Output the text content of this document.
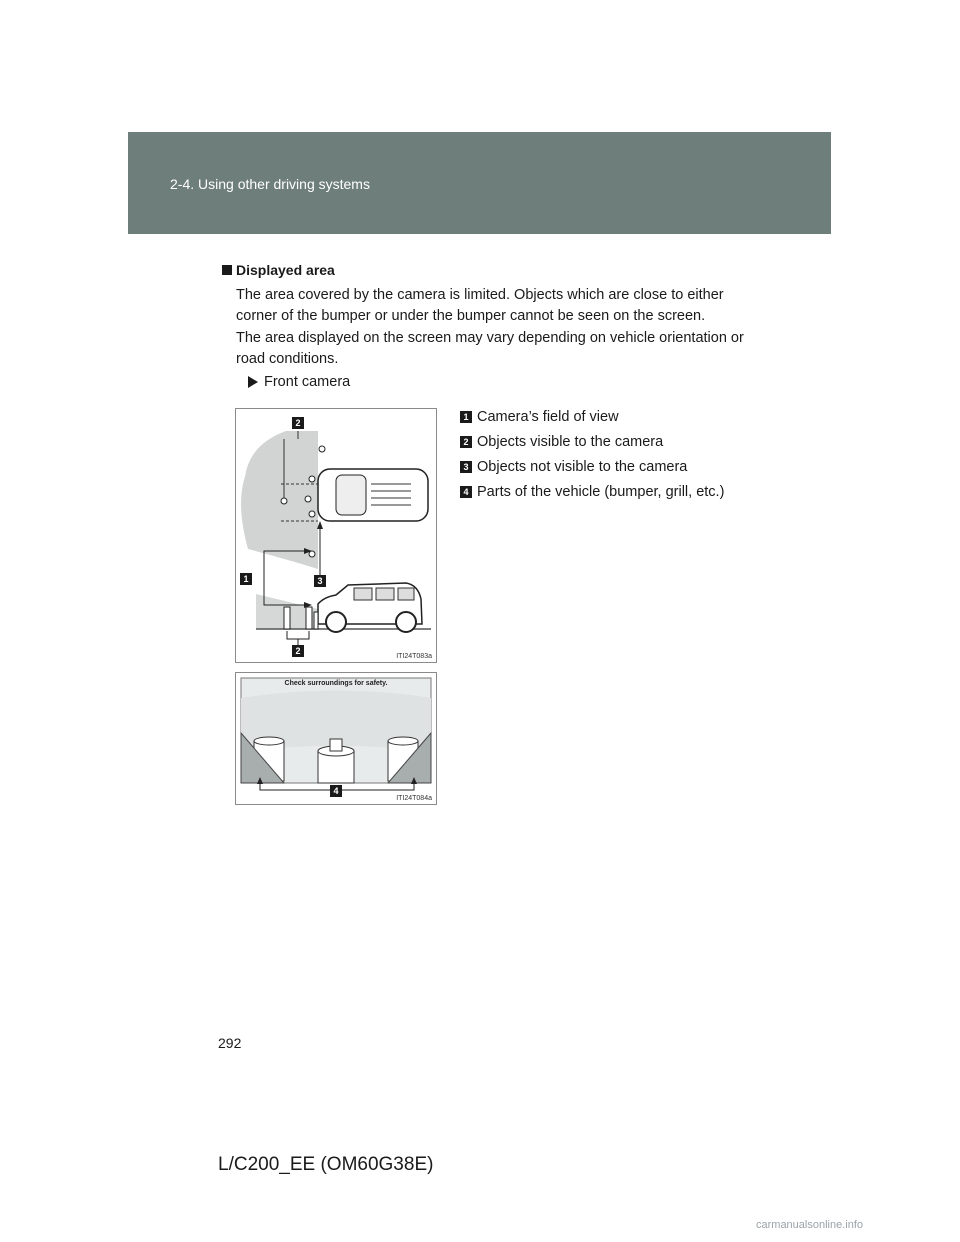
2-4. Using other driving systems
Displayed area
The area covered by the camera is limited. Objects which are close to either corner of the bumper or under the bumper cannot be seen on the screen.
The area displayed on the screen may vary depending on vehicle orientation or road conditions.
Front camera
2
1	3
2
ITI24T083a
Check surroundings for safety.
4
ITI24T084a
1 Camera’s field of view
2 Objects visible to the camera
3 Objects not visible to the camera
4 Parts of the vehicle (bumper, grill, etc.)
292
L/C200_EE (OM60G38E)
carmanualsonline.info
